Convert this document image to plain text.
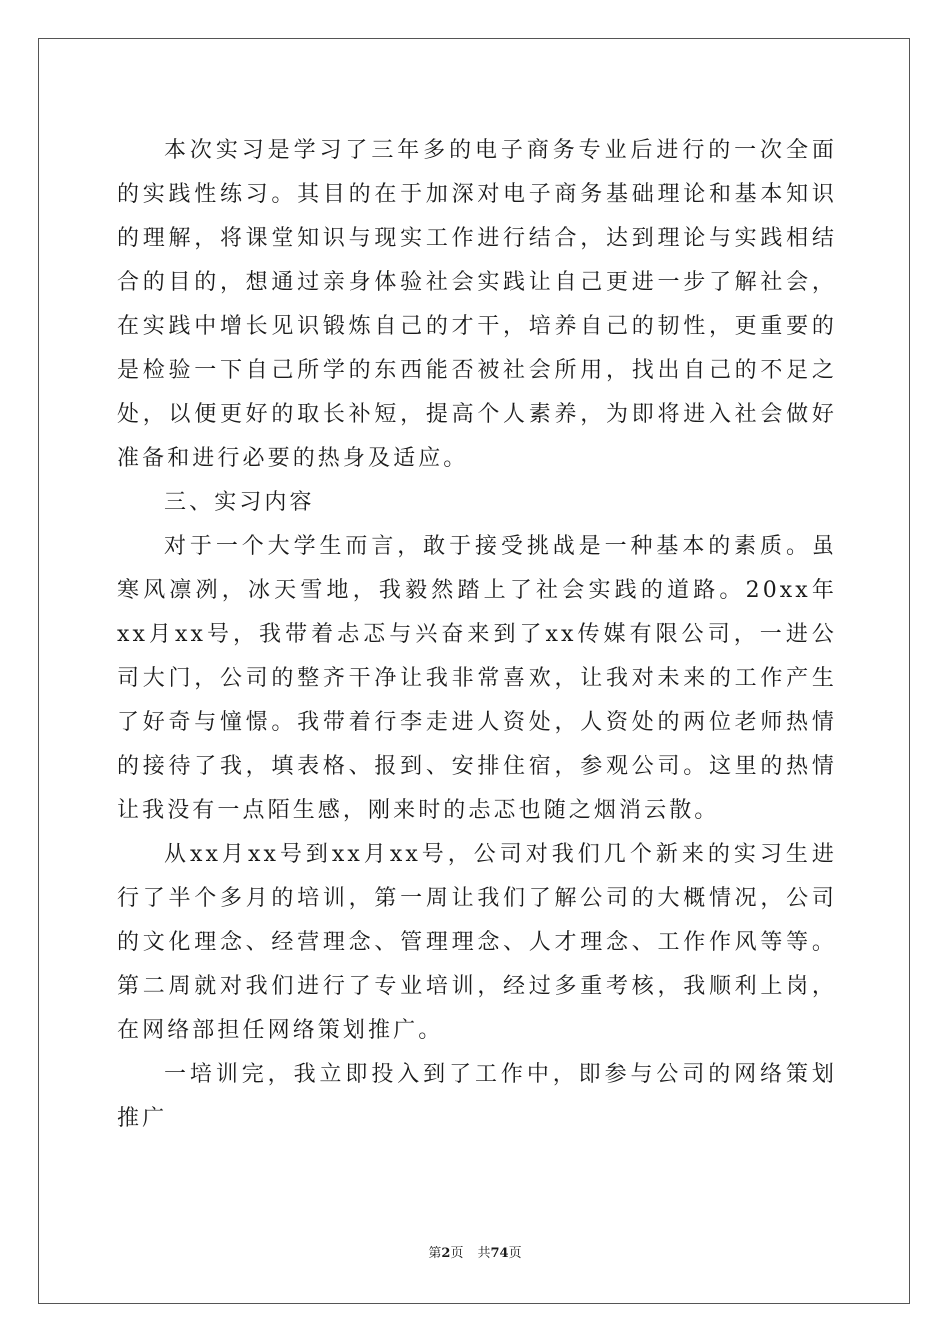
本次实习是学习了三年多的电子商务专业后进行的一次全面的实践性练习。其目的在于加深对电子商务基础理论和基本知识的理解，将课堂知识与现实工作进行结合，达到理论与实践相结合的目的，想通过亲身体验社会实践让自己更进一步了解社会，在实践中增长见识锻炼自己的才干，培养自己的韧性，更重要的是检验一下自己所学的东西能否被社会所用，找出自己的不足之处，以便更好的取长补短，提高个人素养，为即将进入社会做好准备和进行必要的热身及适应。

三、实习内容

对于一个大学生而言，敢于接受挑战是一种基本的素质。虽寒风凛冽，冰天雪地，我毅然踏上了社会实践的道路。20xx年xx月xx号，我带着忐忑与兴奋来到了xx传媒有限公司，一进公司大门，公司的整齐干净让我非常喜欢，让我对未来的工作产生了好奇与憧憬。我带着行李走进人资处，人资处的两位老师热情的接待了我，填表格、报到、安排住宿，参观公司。这里的热情让我没有一点陌生感，刚来时的忐忑也随之烟消云散。

从xx月xx号到xx月xx号，公司对我们几个新来的实习生进行了半个多月的培训，第一周让我们了解公司的大概情况，公司的文化理念、经营理念、管理理念、人才理念、工作作风等等。第二周就对我们进行了专业培训，经过多重考核，我顺利上岗，在网络部担任网络策划推广。

一培训完，我立即投入到了工作中，即参与公司的网络策划推广

第2页 共74页
